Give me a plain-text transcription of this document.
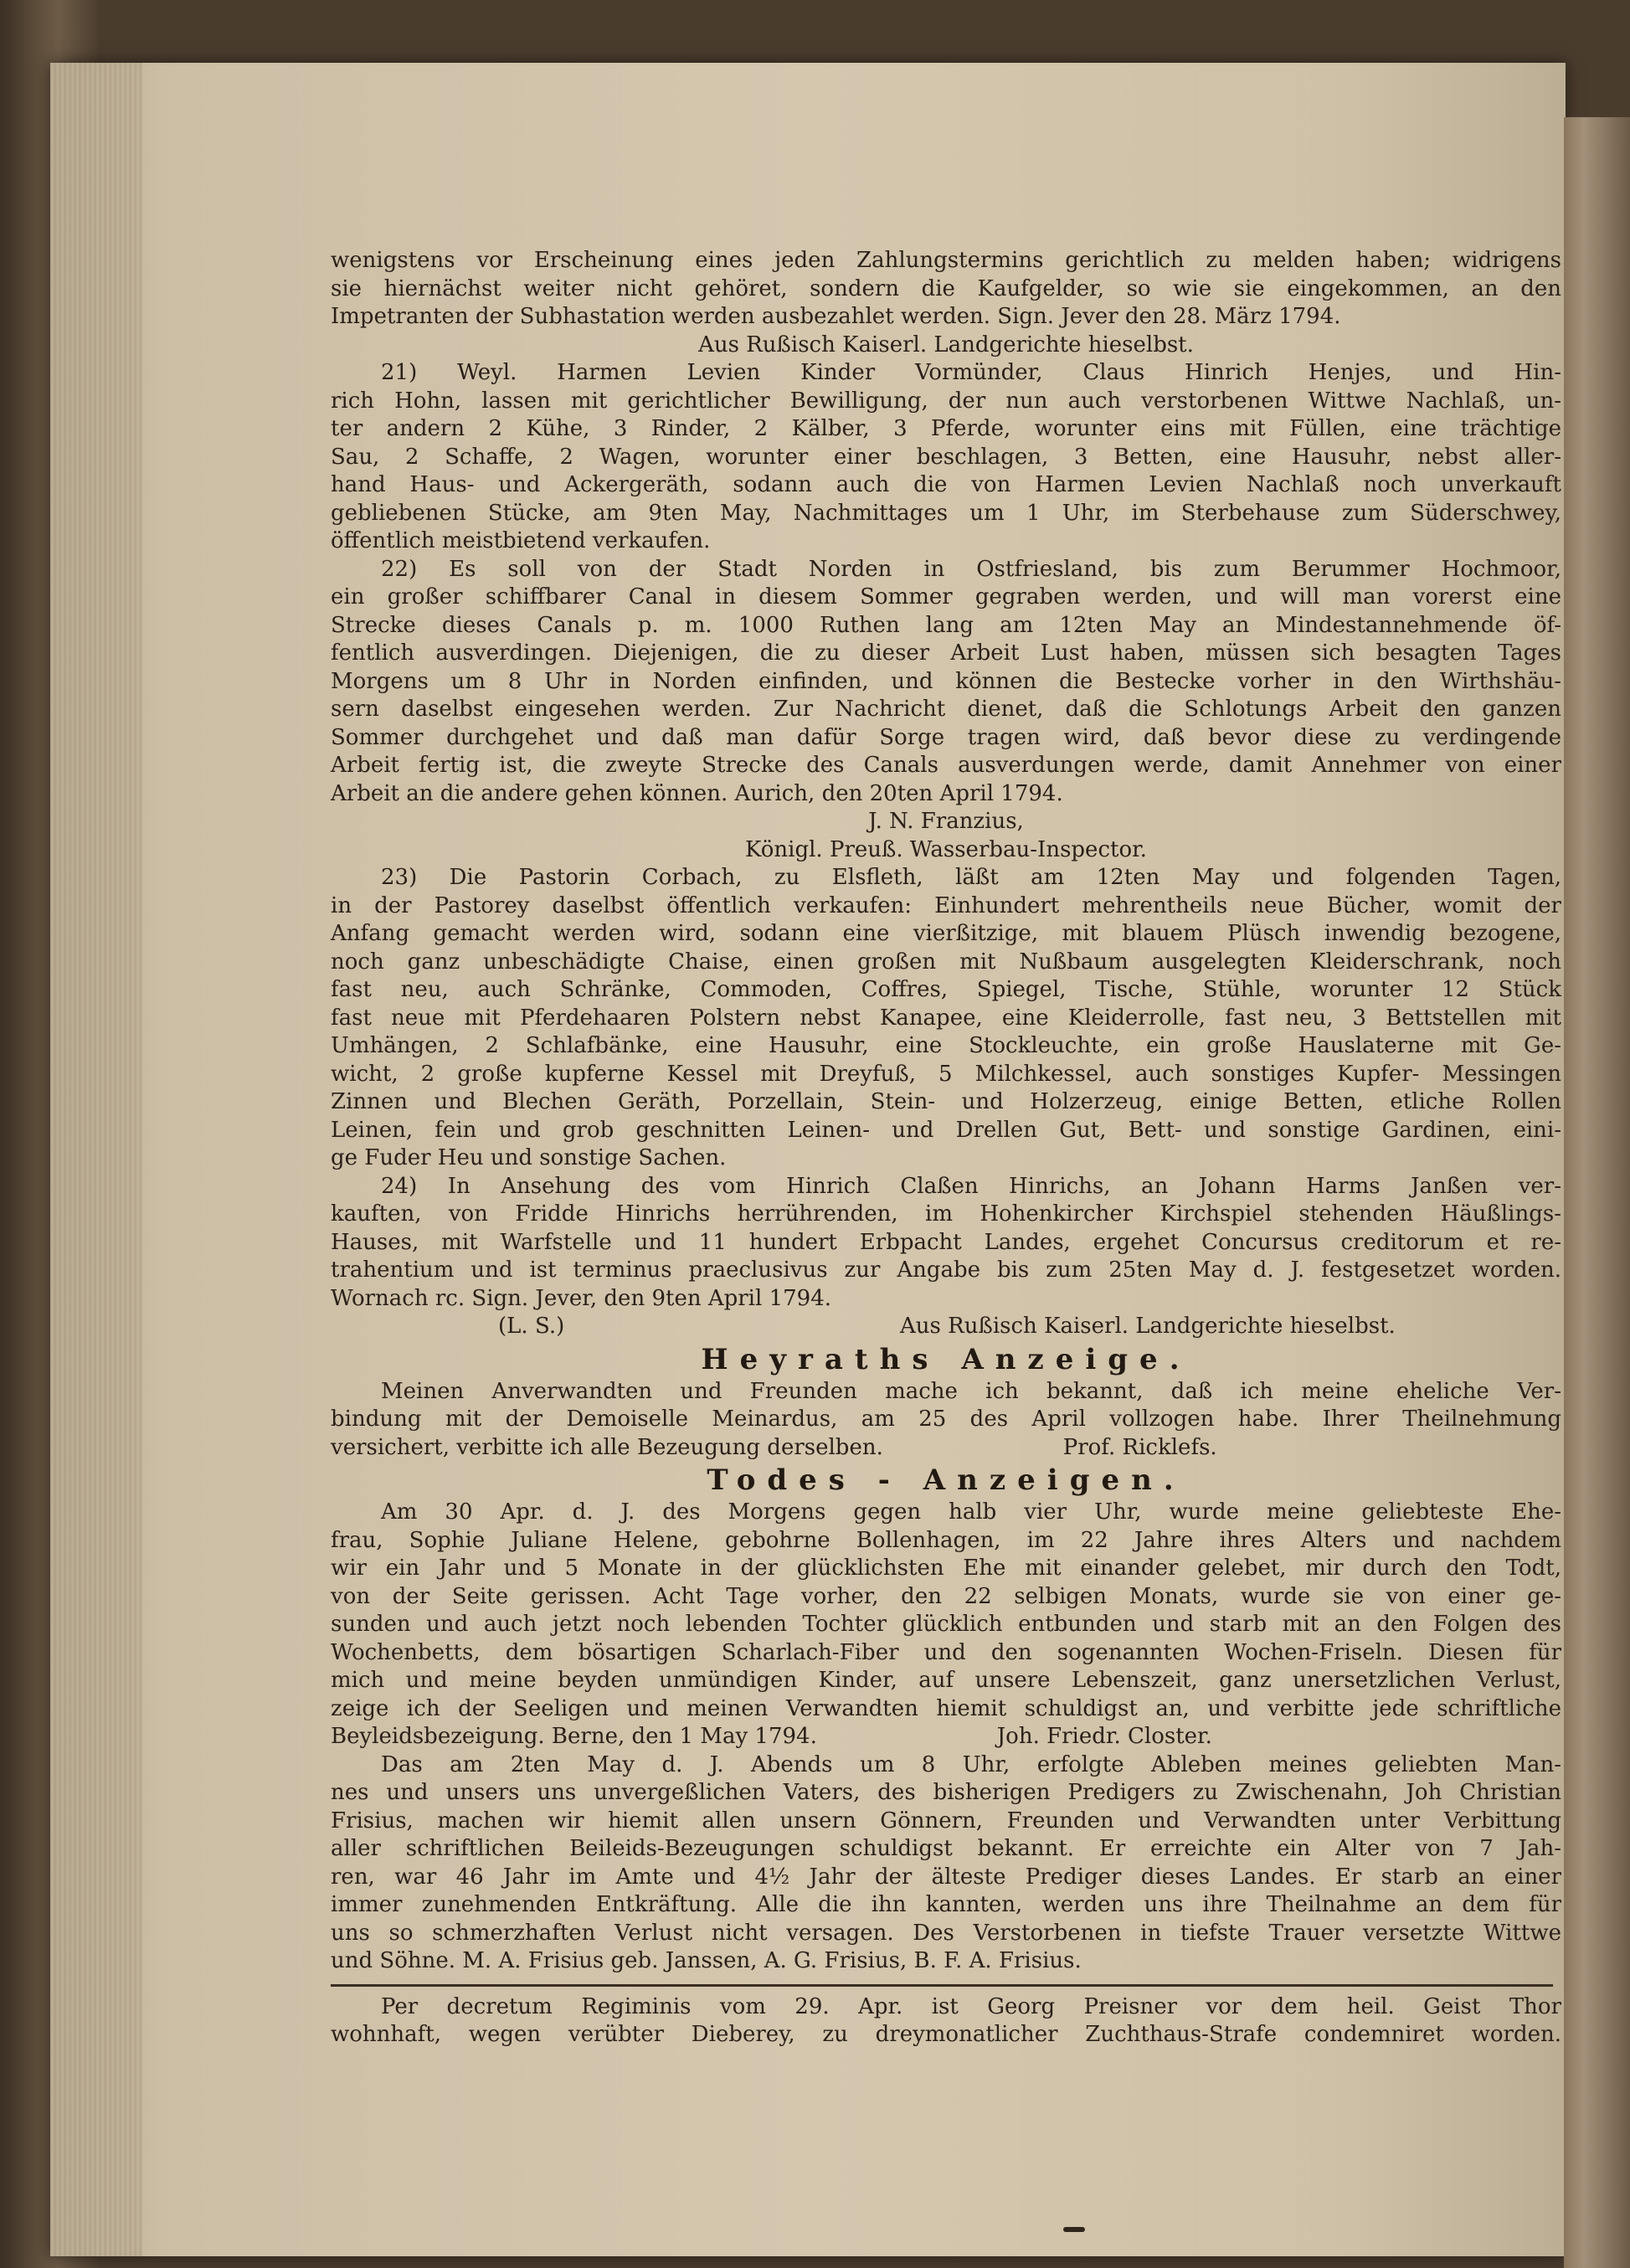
wenigstens vor Erscheinung eines jeden Zahlungstermins gerichtlich zu melden haben; widrigens
sie hiernächst weiter nicht gehöret, sondern die Kaufgelder, so wie sie eingekommen, an den
Impetranten der Subhastation werden ausbezahlet werden. Sign. Jever den 28. März 1794.
Aus Rußisch Kaiserl. Landgerichte hieselbst.
21) Weyl. Harmen Levien Kinder Vormünder, Claus Hinrich Henjes, und Hin-
rich Hohn, lassen mit gerichtlicher Bewilligung, der nun auch verstorbenen Wittwe Nachlaß, un-
ter andern 2 Kühe, 3 Rinder, 2 Kälber, 3 Pferde, worunter eins mit Füllen, eine trächtige
Sau, 2 Schaffe, 2 Wagen, worunter einer beschlagen, 3 Betten, eine Hausuhr, nebst aller-
hand Haus- und Ackergeräth, sodann auch die von Harmen Levien Nachlaß noch unverkauft
gebliebenen Stücke, am 9ten May, Nachmittages um 1 Uhr, im Sterbehause zum Süderschwey,
öffentlich meistbietend verkaufen.
22) Es soll von der Stadt Norden in Ostfriesland, bis zum Berummer Hochmoor,
ein großer schiffbarer Canal in diesem Sommer gegraben werden, und will man vorerst eine
Strecke dieses Canals p. m. 1000 Ruthen lang am 12ten May an Mindestannehmende öf-
fentlich ausverdingen. Diejenigen, die zu dieser Arbeit Lust haben, müssen sich besagten Tages
Morgens um 8 Uhr in Norden einfinden, und können die Bestecke vorher in den Wirthshäu-
sern daselbst eingesehen werden. Zur Nachricht dienet, daß die Schlotungs Arbeit den ganzen
Sommer durchgehet und daß man dafür Sorge tragen wird, daß bevor diese zu verdingende
Arbeit fertig ist, die zweyte Strecke des Canals ausverdungen werde, damit Annehmer von einer
Arbeit an die andere gehen können. Aurich, den 20ten April 1794.
J. N. Franzius,
Königl. Preuß. Wasserbau-Inspector.
23) Die Pastorin Corbach, zu Elsfleth, läßt am 12ten May und folgenden Tagen,
in der Pastorey daselbst öffentlich verkaufen: Einhundert mehrentheils neue Bücher, womit der
Anfang gemacht werden wird, sodann eine vierßitzige, mit blauem Plüsch inwendig bezogene,
noch ganz unbeschädigte Chaise, einen großen mit Nußbaum ausgelegten Kleiderschrank, noch
fast neu, auch Schränke, Commoden, Coffres, Spiegel, Tische, Stühle, worunter 12 Stück
fast neue mit Pferdehaaren Polstern nebst Kanapee, eine Kleiderrolle, fast neu, 3 Bettstellen mit
Umhängen, 2 Schlafbänke, eine Hausuhr, eine Stockleuchte, ein große Hauslaterne mit Ge-
wicht, 2 große kupferne Kessel mit Dreyfuß, 5 Milchkessel, auch sonstiges Kupfer- Messingen
Zinnen und Blechen Geräth, Porzellain, Stein- und Holzerzeug, einige Betten, etliche Rollen
Leinen, fein und grob geschnitten Leinen- und Drellen Gut, Bett- und sonstige Gardinen, eini-
ge Fuder Heu und sonstige Sachen.
24) In Ansehung des vom Hinrich Claßen Hinrichs, an Johann Harms Janßen ver-
kauften, von Fridde Hinrichs herrührenden, im Hohenkircher Kirchspiel stehenden Häußlings-
Hauses, mit Warfstelle und 11 hundert Erbpacht Landes, ergehet Concursus creditorum et re-
trahentium und ist terminus praeclusivus zur Angabe bis zum 25ten May d. J. festgesetzet worden.
Wornach rc. Sign. Jever, den 9ten April 1794.
(L. S.)	Aus Rußisch Kaiserl. Landgerichte hieselbst.
Heyraths Anzeige.
Meinen Anverwandten und Freunden mache ich bekannt, daß ich meine eheliche Ver-
bindung mit der Demoiselle Meinardus, am 25 des April vollzogen habe. Ihrer Theilnehmung
versichert, verbitte ich alle Bezeugung derselben.                          Prof. Ricklefs.
Todes - Anzeigen.
Am 30 Apr. d. J. des Morgens gegen halb vier Uhr, wurde meine geliebteste Ehe-
frau, Sophie Juliane Helene, gebohrne Bollenhagen, im 22 Jahre ihres Alters und nachdem
wir ein Jahr und 5 Monate in der glücklichsten Ehe mit einander gelebet, mir durch den Todt,
von der Seite gerissen. Acht Tage vorher, den 22 selbigen Monats, wurde sie von einer ge-
sunden und auch jetzt noch lebenden Tochter glücklich entbunden und starb mit an den Folgen des
Wochenbetts, dem bösartigen Scharlach-Fiber und den sogenannten Wochen-Friseln. Diesen für
mich und meine beyden unmündigen Kinder, auf unsere Lebenszeit, ganz unersetzlichen Verlust,
zeige ich der Seeligen und meinen Verwandten hiemit schuldigst an, und verbitte jede schriftliche
Beyleidsbezeigung. Berne, den 1 May 1794.                          Joh. Friedr. Closter.
Das am 2ten May d. J. Abends um 8 Uhr, erfolgte Ableben meines geliebten Man-
nes und unsers uns unvergeßlichen Vaters, des bisherigen Predigers zu Zwischenahn, Joh Christian
Frisius, machen wir hiemit allen unsern Gönnern, Freunden und Verwandten unter Verbittung
aller schriftlichen Beileids-Bezeugungen schuldigst bekannt. Er erreichte ein Alter von 7 Jah-
ren, war 46 Jahr im Amte und 4½ Jahr der älteste Prediger dieses Landes. Er starb an einer
immer zunehmenden Entkräftung. Alle die ihn kannten, werden uns ihre Theilnahme an dem für
uns so schmerzhaften Verlust nicht versagen. Des Verstorbenen in tiefste Trauer versetzte Wittwe
und Söhne. M. A. Frisius geb. Janssen, A. G. Frisius, B. F. A. Frisius.
Per decretum Regiminis vom 29. Apr. ist Georg Preisner vor dem heil. Geist Thor
wohnhaft, wegen verübter Dieberey, zu dreymonatlicher Zuchthaus-Strafe condemniret worden.
